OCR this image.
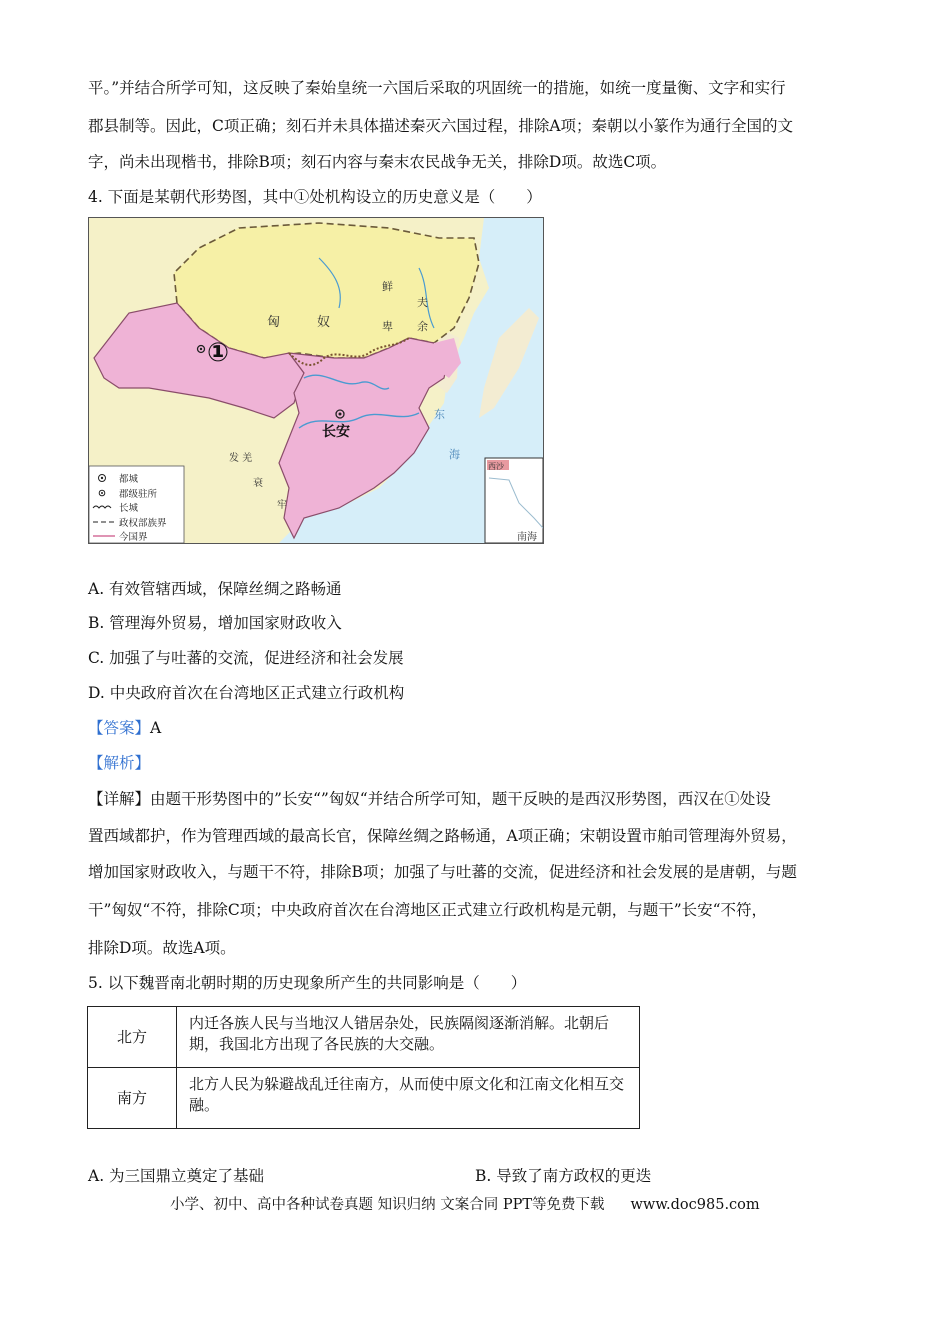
平。”并结合所学可知，这反映了秦始皇统一六国后采取的巩固统一的措施，如统一度量衡、文字和实行
郡县制等。因此，C项正确；刻石并未具体描述秦灭六国过程，排除A项；秦朝以小篆作为通行全国的文
字，尚未出现楷书，排除B项；刻石内容与秦末农民战争无关，排除D项。故选C项。
4. 下面是某朝代形势图，其中①处机构设立的历史意义是（　　）
东
海
西沙
南海
匈	奴
鲜
卑
夫
余
①
长安
发 羌
衰
牢
都城
郡级驻所
长城
政权部族界
今国界
A. 有效管辖西域，保障丝绸之路畅通
B. 管理海外贸易，增加国家财政收入
C. 加强了与吐蕃的交流，促进经济和社会发展
D. 中央政府首次在台湾地区正式建立行政机构
【答案】A
【解析】
【详解】由题干形势图中的”长安“”匈奴“并结合所学可知，题干反映的是西汉形势图，西汉在①处设
置西域都护，作为管理西域的最高长官，保障丝绸之路畅通，A项正确；宋朝设置市舶司管理海外贸易，
增加国家财政收入，与题干不符，排除B项；加强了与吐蕃的交流，促进经济和社会发展的是唐朝，与题
干”匈奴“不符，排除C项；中央政府首次在台湾地区正式建立行政机构是元朝，与题干”长安“不符，
排除D项。故选A项。
5. 以下魏晋南北朝时期的历史现象所产生的共同影响是（　　）
北方	内迁各族人民与当地汉人错居杂处，民族隔阂逐渐消解。北朝后期，我国北方出现了各民族的大交融。
南方	北方人民为躲避战乱迁往南方，从而使中原文化和江南文化相互交融。
A. 为三国鼎立奠定了基础	B. 导致了南方政权的更迭
小学、初中、高中各种试卷真题 知识归纳 文案合同 PPT等免费下载 www.doc985.com
